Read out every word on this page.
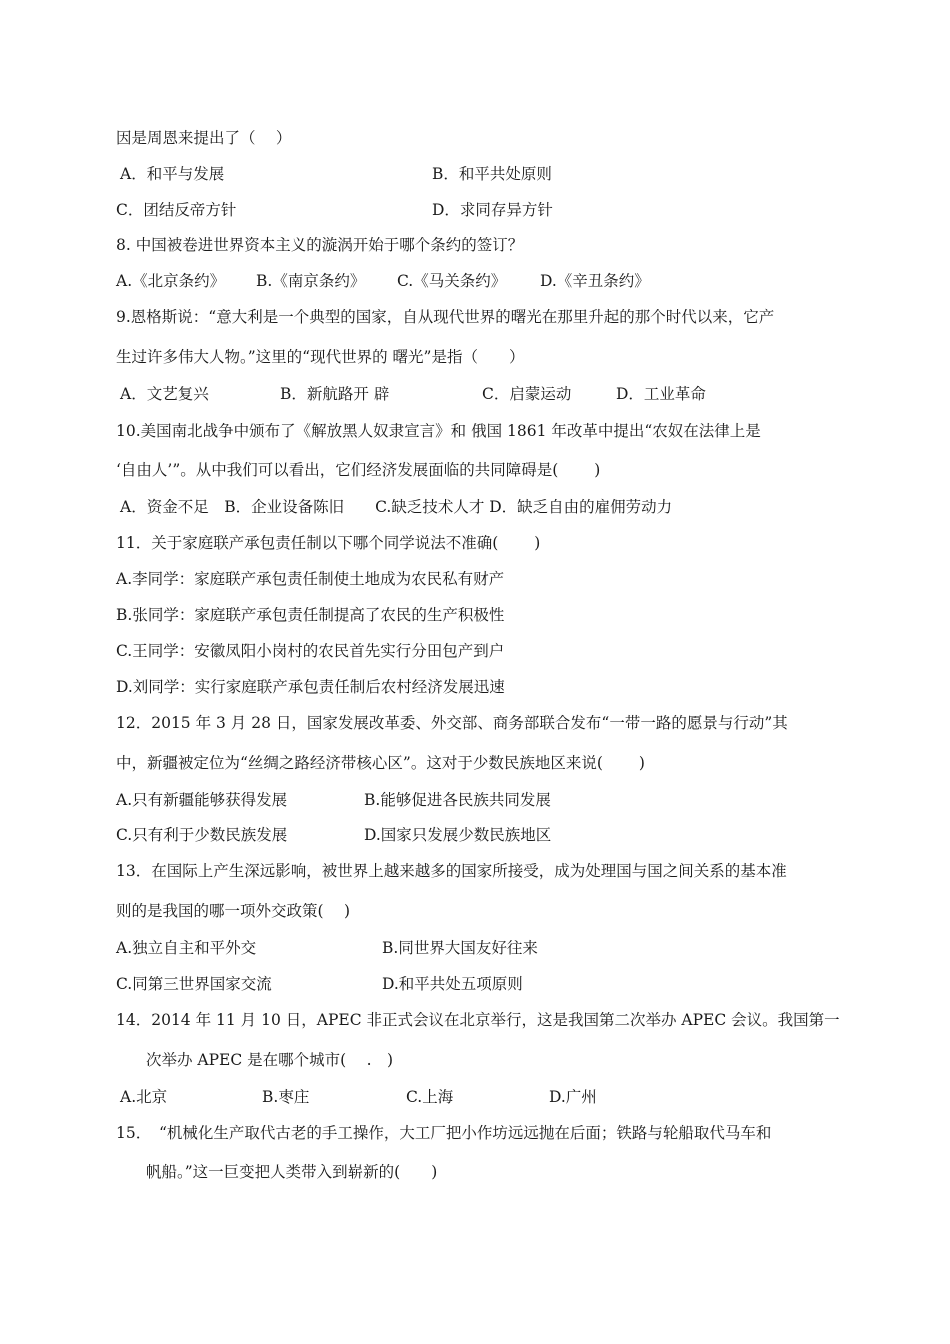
因是周恩来提出了（　 ）
A．和平与发展	B．和平共处原则
C．团结反帝方针	D．求同存异方针
8. 中国被卷进世界资本主义的漩涡开始于哪个条约的签订？
A.《北京条约》 B.《南京条约》 C.《马关条约》 D.《辛丑条约》
9.恩格斯说：“意大利是一个典型的国家，自从现代世界的曙光在那里升起的那个时代以来，它产
生过许多伟大人物。”这里的“现代世界的 曙光”是指（　　）
A．文艺复兴	B．新航路开 辟	C．启蒙运动	D．工业革命
10.美国南北战争中颁布了《解放黑人奴隶宣言》和 俄国 1861 年改革中提出“农奴在法律上是
‘自由人’”。从中我们可以看出，它们经济发展面临的共同障碍是(　　 )
A．资金不足　B．企业设备陈旧　　C.缺乏技术人才 D．缺乏自由的雇佣劳动力
11．关于家庭联产承包责任制以下哪个同学说法不准确(　　 )
A.李同学：家庭联产承包责任制使土地成为农民私有财产
B.张同学：家庭联产承包责任制提高了农民的生产积极性
C.王同学：安徽凤阳小岗村的农民首先实行分田包产到户
D.刘同学：实行家庭联产承包责任制后农村经济发展迅速
12．2015 年 3 月 28 日，国家发展改革委、外交部、商务部联合发布“一带一路的愿景与行动”其
中，新疆被定位为“丝绸之路经济带核心区”。这对于少数民族地区来说(　　 )
A.只有新疆能够获得发展	B.能够促进各民族共同发展
C.只有利于少数民族发展	D.国家只发展少数民族地区
13．在国际上产生深远影响，被世界上越来越多的国家所接受，成为处理国与国之间关系的基本准
则的是我国的哪一项外交政策(　 )
A.独立自主和平外交	B.同世界大国友好往来
C.同第三世界国家交流	D.和平共处五项原则
14．2014 年 11 月 10 日，APEC 非正式会议在北京举行，这是我国第二次举办 APEC 会议。我国第一
次举办 APEC 是在哪个城市(　 .　)
A.北京	B.枣庄	C.上海	D.广州
15．　“机械化生产取代古老的手工操作，大工厂把小作坊远远抛在后面；铁路与轮船取代马车和
帆船。”这一巨变把人类带入到崭新的(　　)
